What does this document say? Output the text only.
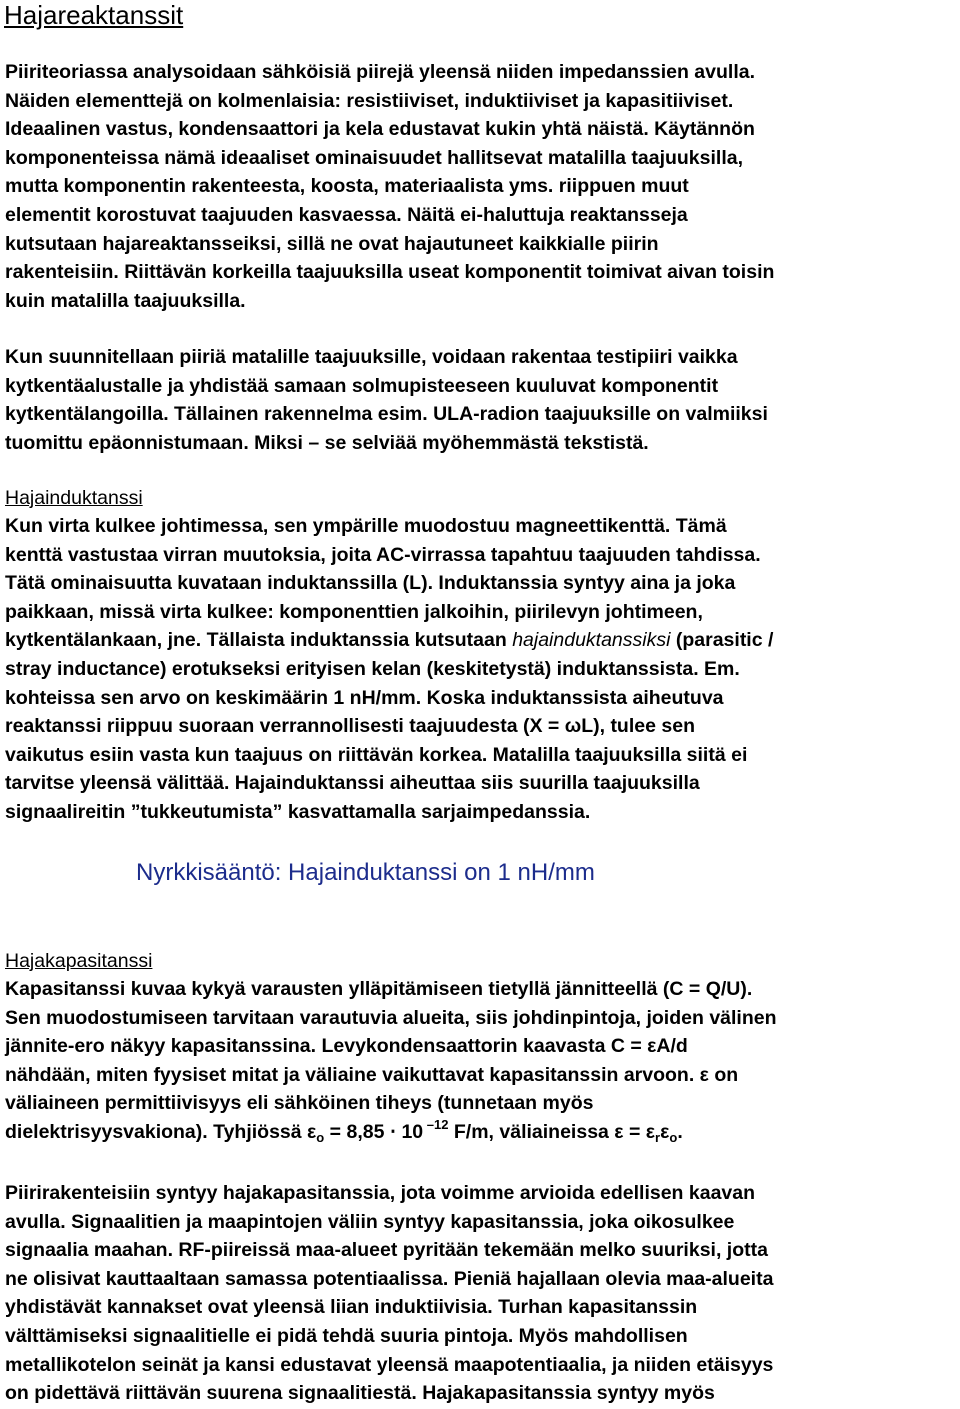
Hajareaktanssit
Piiriteoriassa analysoidaan sähköisiä piirejä yleensä niiden impedanssien avulla.
Näiden elementtejä on kolmenlaisia: resistiiviset, induktiiviset ja kapasitiiviset.
Ideaalinen vastus, kondensaattori ja kela edustavat kukin yhtä näistä. Käytännön
komponenteissa nämä ideaaliset ominaisuudet hallitsevat matalilla taajuuksilla,
mutta komponentin rakenteesta, koosta, materiaalista yms. riippuen muut
elementit korostuvat taajuuden kasvaessa. Näitä ei-haluttuja reaktansseja
kutsutaan hajareaktansseiksi, sillä ne ovat hajautuneet kaikkialle piirin
rakenteisiin. Riittävän korkeilla taajuuksilla useat komponentit toimivat aivan toisin
kuin matalilla taajuuksilla.
Kun suunnitellaan piiriä matalille taajuuksille, voidaan rakentaa testipiiri vaikka
kytkentäalustalle ja yhdistää samaan solmupisteeseen kuuluvat komponentit
kytkentälangoilla. Tällainen rakennelma esim. ULA-radion taajuuksille on valmiiksi
tuomittu epäonnistumaan. Miksi – se selviää myöhemmästä tekstistä.
Hajainduktanssi
Kun virta kulkee johtimessa, sen ympärille muodostuu magneettikenttä. Tämä
kenttä vastustaa virran muutoksia, joita AC-virrassa tapahtuu taajuuden tahdissa.
Tätä ominaisuutta kuvataan induktanssilla (L). Induktanssia syntyy aina ja joka
paikkaan, missä virta kulkee: komponenttien jalkoihin, piirilevyn johtimeen,
kytkentälankaan, jne. Tällaista induktanssia kutsutaan hajainduktanssiksi (parasitic /
stray inductance) erotukseksi erityisen kelan (keskitetystä) induktanssista. Em.
kohteissa sen arvo on keskimäärin 1 nH/mm. Koska induktanssista aiheutuva
reaktanssi riippuu suoraan verrannollisesti taajuudesta (X = ωL), tulee sen
vaikutus esiin vasta kun taajuus on riittävän korkea. Matalilla taajuuksilla siitä ei
tarvitse yleensä välittää. Hajainduktanssi aiheuttaa siis suurilla taajuuksilla
signaalireitin ”tukkeutumista” kasvattamalla sarjaimpedanssia.

Nyrkkisääntö: Hajainduktanssi on 1 nH/mm

Hajakapasitanssi
Kapasitanssi kuvaa kykyä varausten ylläpitämiseen tietyllä jännitteellä (C = Q/U).
Sen muodostumiseen tarvitaan varautuvia alueita, siis johdinpintoja, joiden välinen
jännite-ero näkyy kapasitanssina. Levykondensaattorin kaavasta C = εA/d
nähdään, miten fyysiset mitat ja väliaine vaikuttavat kapasitanssin arvoon. ε on
väliaineen permittiivisyys eli sähköinen tiheys (tunnetaan myös
dielektrisyysvakiona). Tyhjiössä $\varepsilon_o = 8,85 \cdot 10$ $^{-12}$ F/m, väliaineissa $\varepsilon = \varepsilon_r\varepsilon_o$.
Piirirakenteisiin syntyy hajakapasitanssia, jota voimme arvioida edellisen kaavan
avulla. Signaalitien ja maapintojen väliin syntyy kapasitanssia, joka oikosulkee
signaalia maahan. RF-piireissä maa-alueet pyritään tekemään melko suuriksi, jotta
ne olisivat kauttaaltaan samassa potentiaalissa. Pieniä hajallaan olevia maa-alueita
yhdistävät kannakset ovat yleensä liian induktiivisia. Turhan kapasitanssin
välttämiseksi signaalitielle ei pidä tehdä suuria pintoja. Myös mahdollisen
metallikotelon seinät ja kansi edustavat yleensä maapotentiaalia, ja niiden etäisyys
on pidettävä riittävän suurena signaalitiestä. Hajakapasitanssia syntyy myös
